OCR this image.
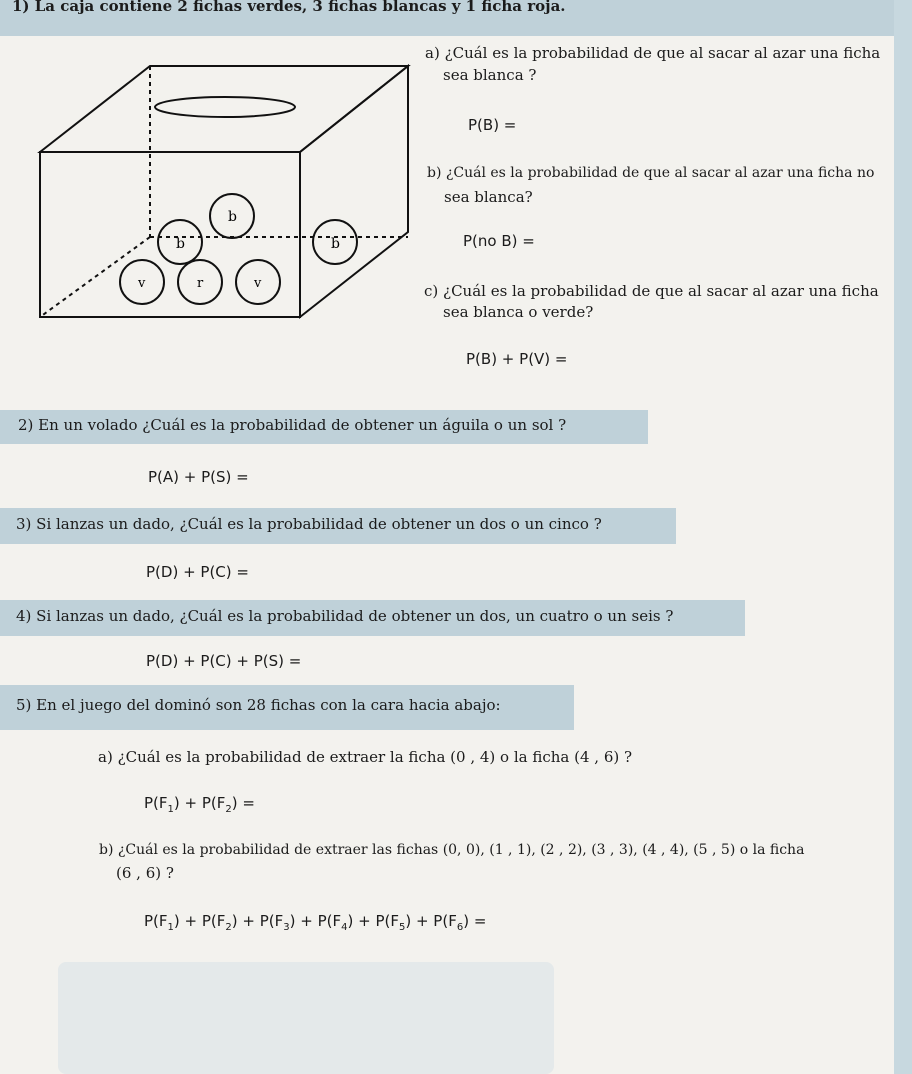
1) La caja contiene 2 fichas verdes, 3 fichas blancas y 1 ficha roja.
b
b	b
v	r	v
a) ¿Cuál es la probabilidad de que al sacar al azar una ficha
sea blanca ?
P(B) =
b) ¿Cuál es la probabilidad de que al sacar al azar una ficha no
sea blanca?
P(no B) =
c) ¿Cuál es la probabilidad de que al sacar al azar una ficha
sea blanca o verde?
P(B) + P(V) =
2) En un volado ¿Cuál es la probabilidad de obtener un águila o un sol ?
P(A) + P(S) =
3) Si lanzas un dado, ¿Cuál es la probabilidad de obtener un dos o un cinco ?
P(D) + P(C) =
4) Si lanzas un dado, ¿Cuál es la probabilidad de obtener un dos, un cuatro o un seis ?
P(D) + P(C) + P(S) =
5) En el juego del dominó son 28 fichas con la cara hacia abajo:
a) ¿Cuál es la probabilidad de extraer la ficha (0 , 4) o la ficha (4 , 6) ?
$P(F_1) + P(F_2)$ =
b) ¿Cuál es la probabilidad de extraer las fichas (0, 0), (1 , 1), (2 , 2), (3 , 3), (4 , 4), (5 , 5) o la ficha
(6 , 6) ?
$P(F_1) + P(F_2) + P(F_3) + P(F_4) + P(F_5) + P(F_6)$ =
